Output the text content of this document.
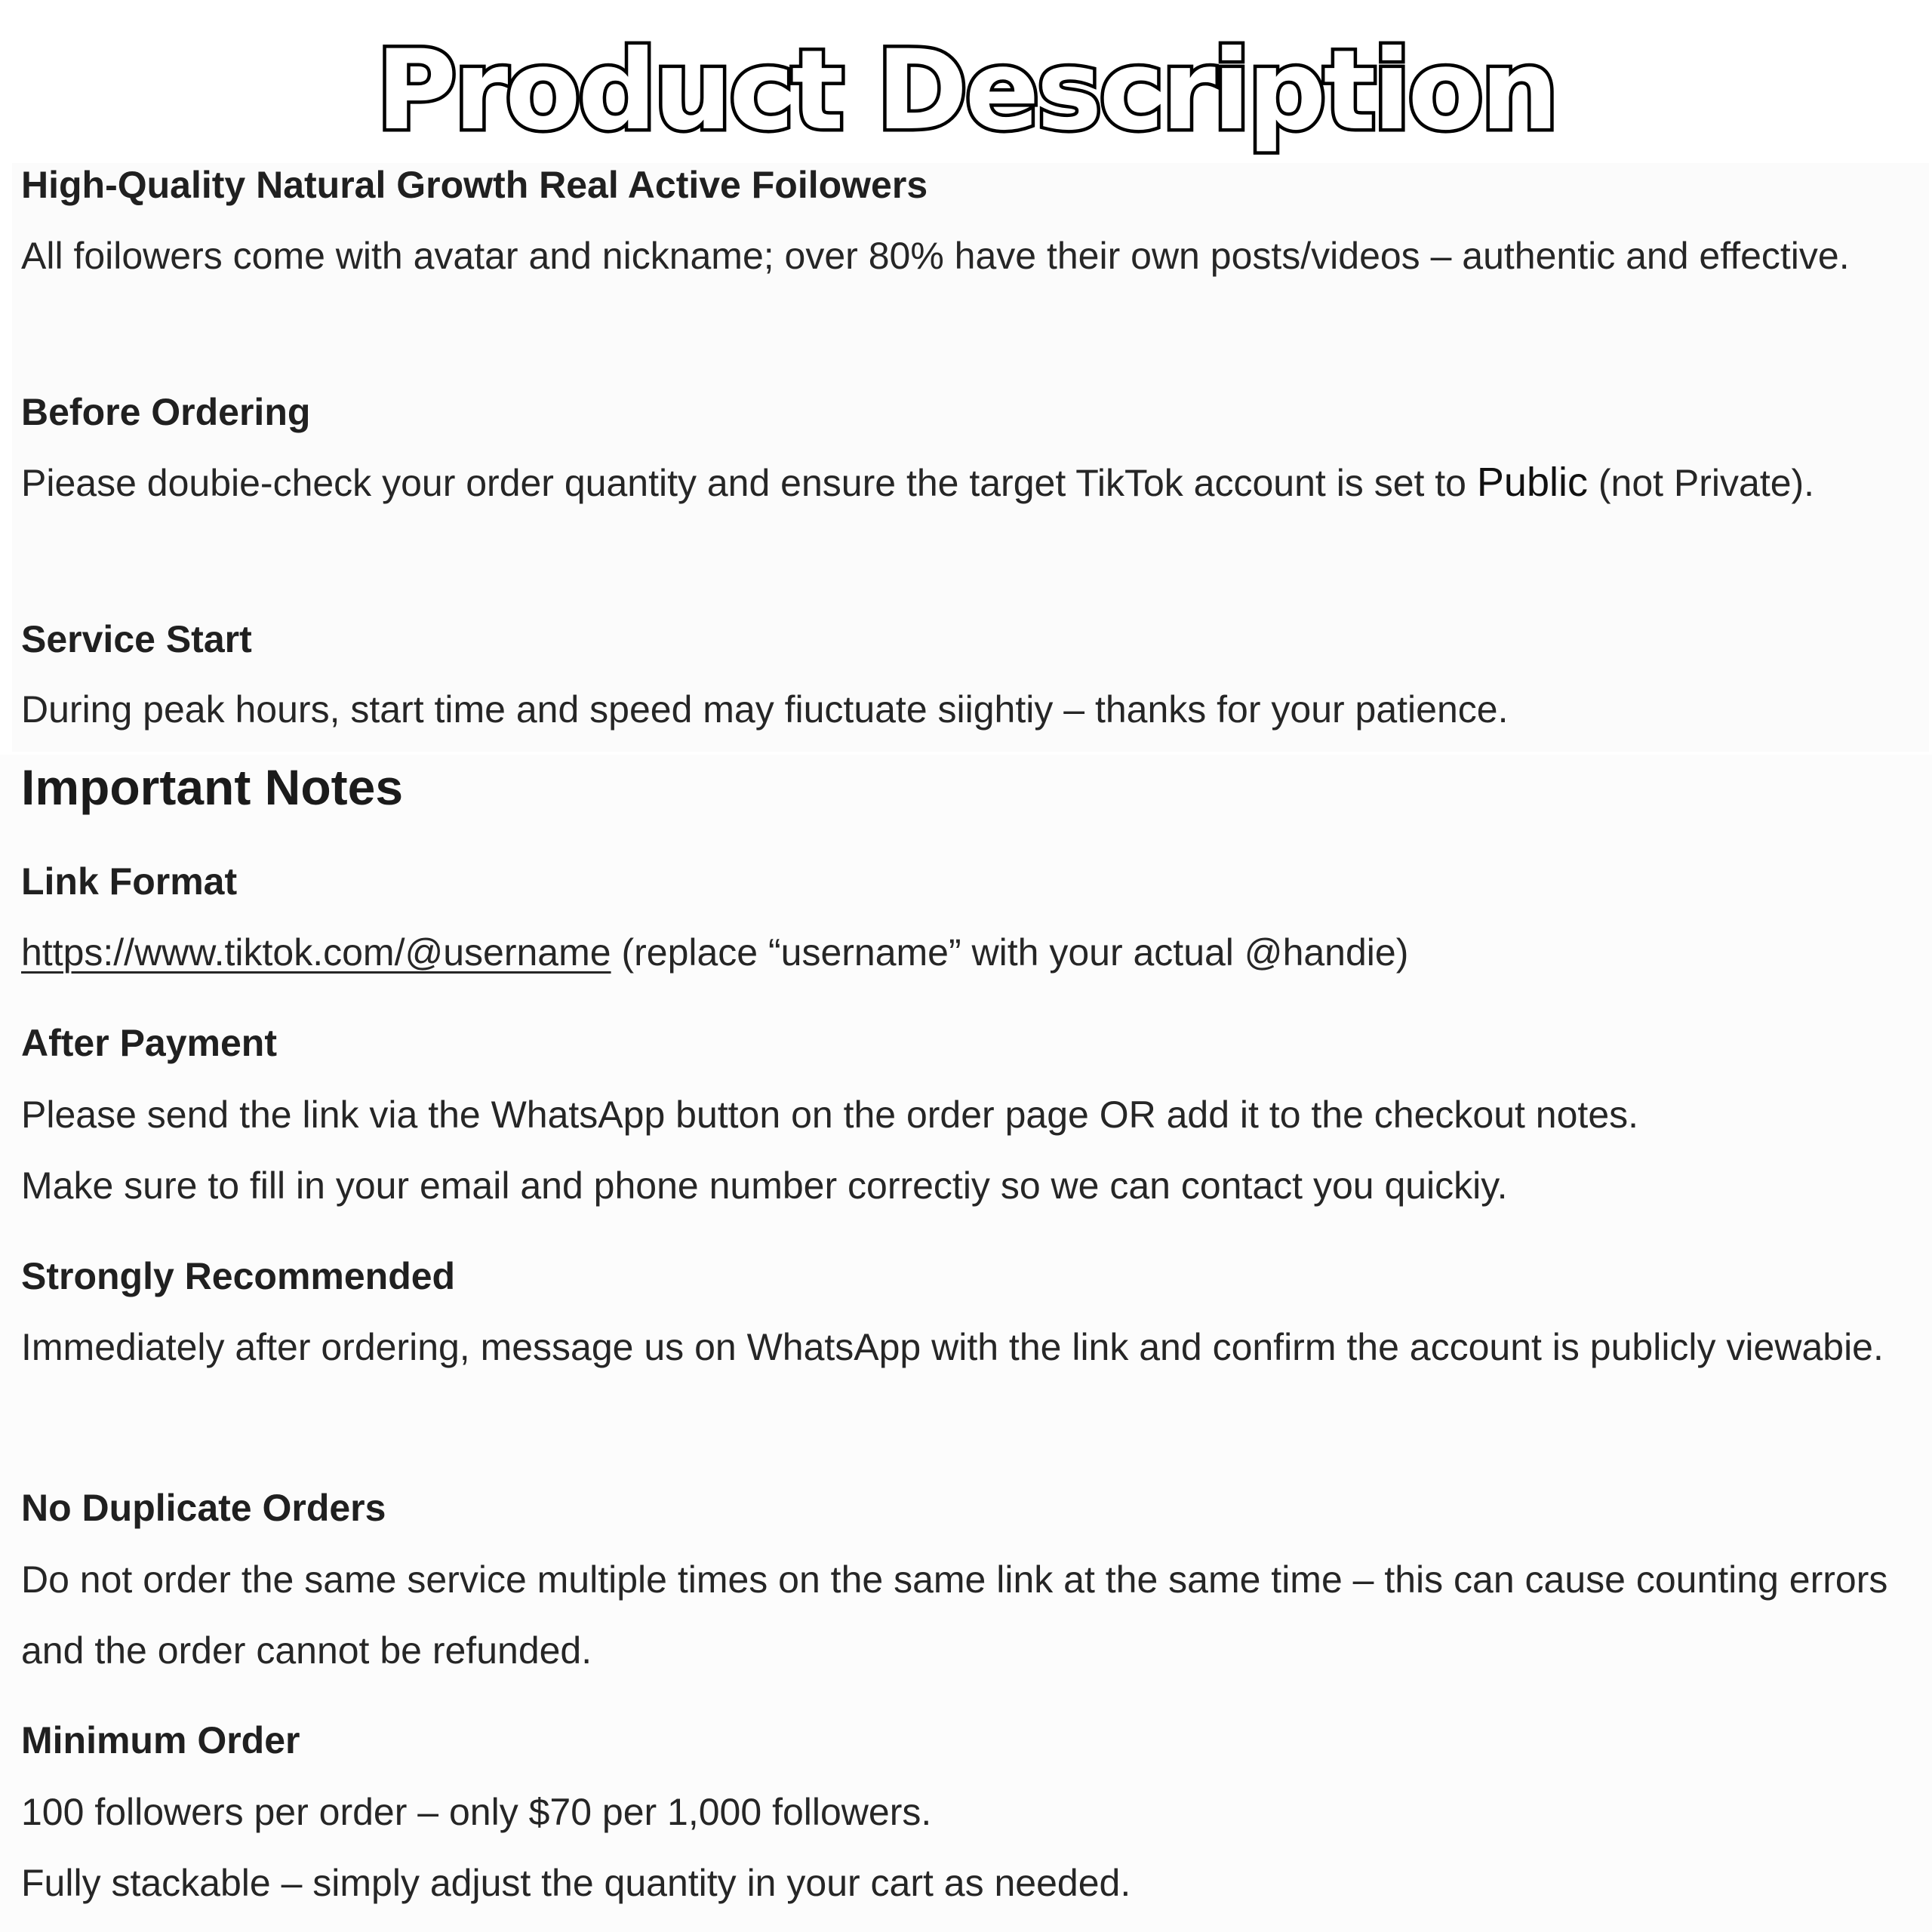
Product Description
High-Quality Natural Growth Real Active Foilowers
All foilowers come with avatar and nickname; over 80% have their own posts/videos – authentic and effective.
Before Ordering
Piease doubie-check your order quantity and ensure the target TikTok account is set to Public (not Private).
Service Start
During peak hours, start time and speed may fiuctuate siightiy – thanks for your patience.
Important Notes
Link Format
https://www.tiktok.com/@username (replace “username” with your actual @handie)
After Payment
Please send the link via the WhatsApp button on the order page OR add it to the checkout notes.
Make sure to fill in your email and phone number correctiy so we can contact you quickiy.
Strongly Recommended
Immediately after ordering, message us on WhatsApp with the link and confirm the account is publicly viewabie.
No Duplicate Orders
Do not order the same service multiple times on the same link at the same time – this can cause counting errors and the order cannot be refunded.
Minimum Order
100 followers per order – only $70 per 1,000 followers.
Fully stackable – simply adjust the quantity in your cart as needed.
